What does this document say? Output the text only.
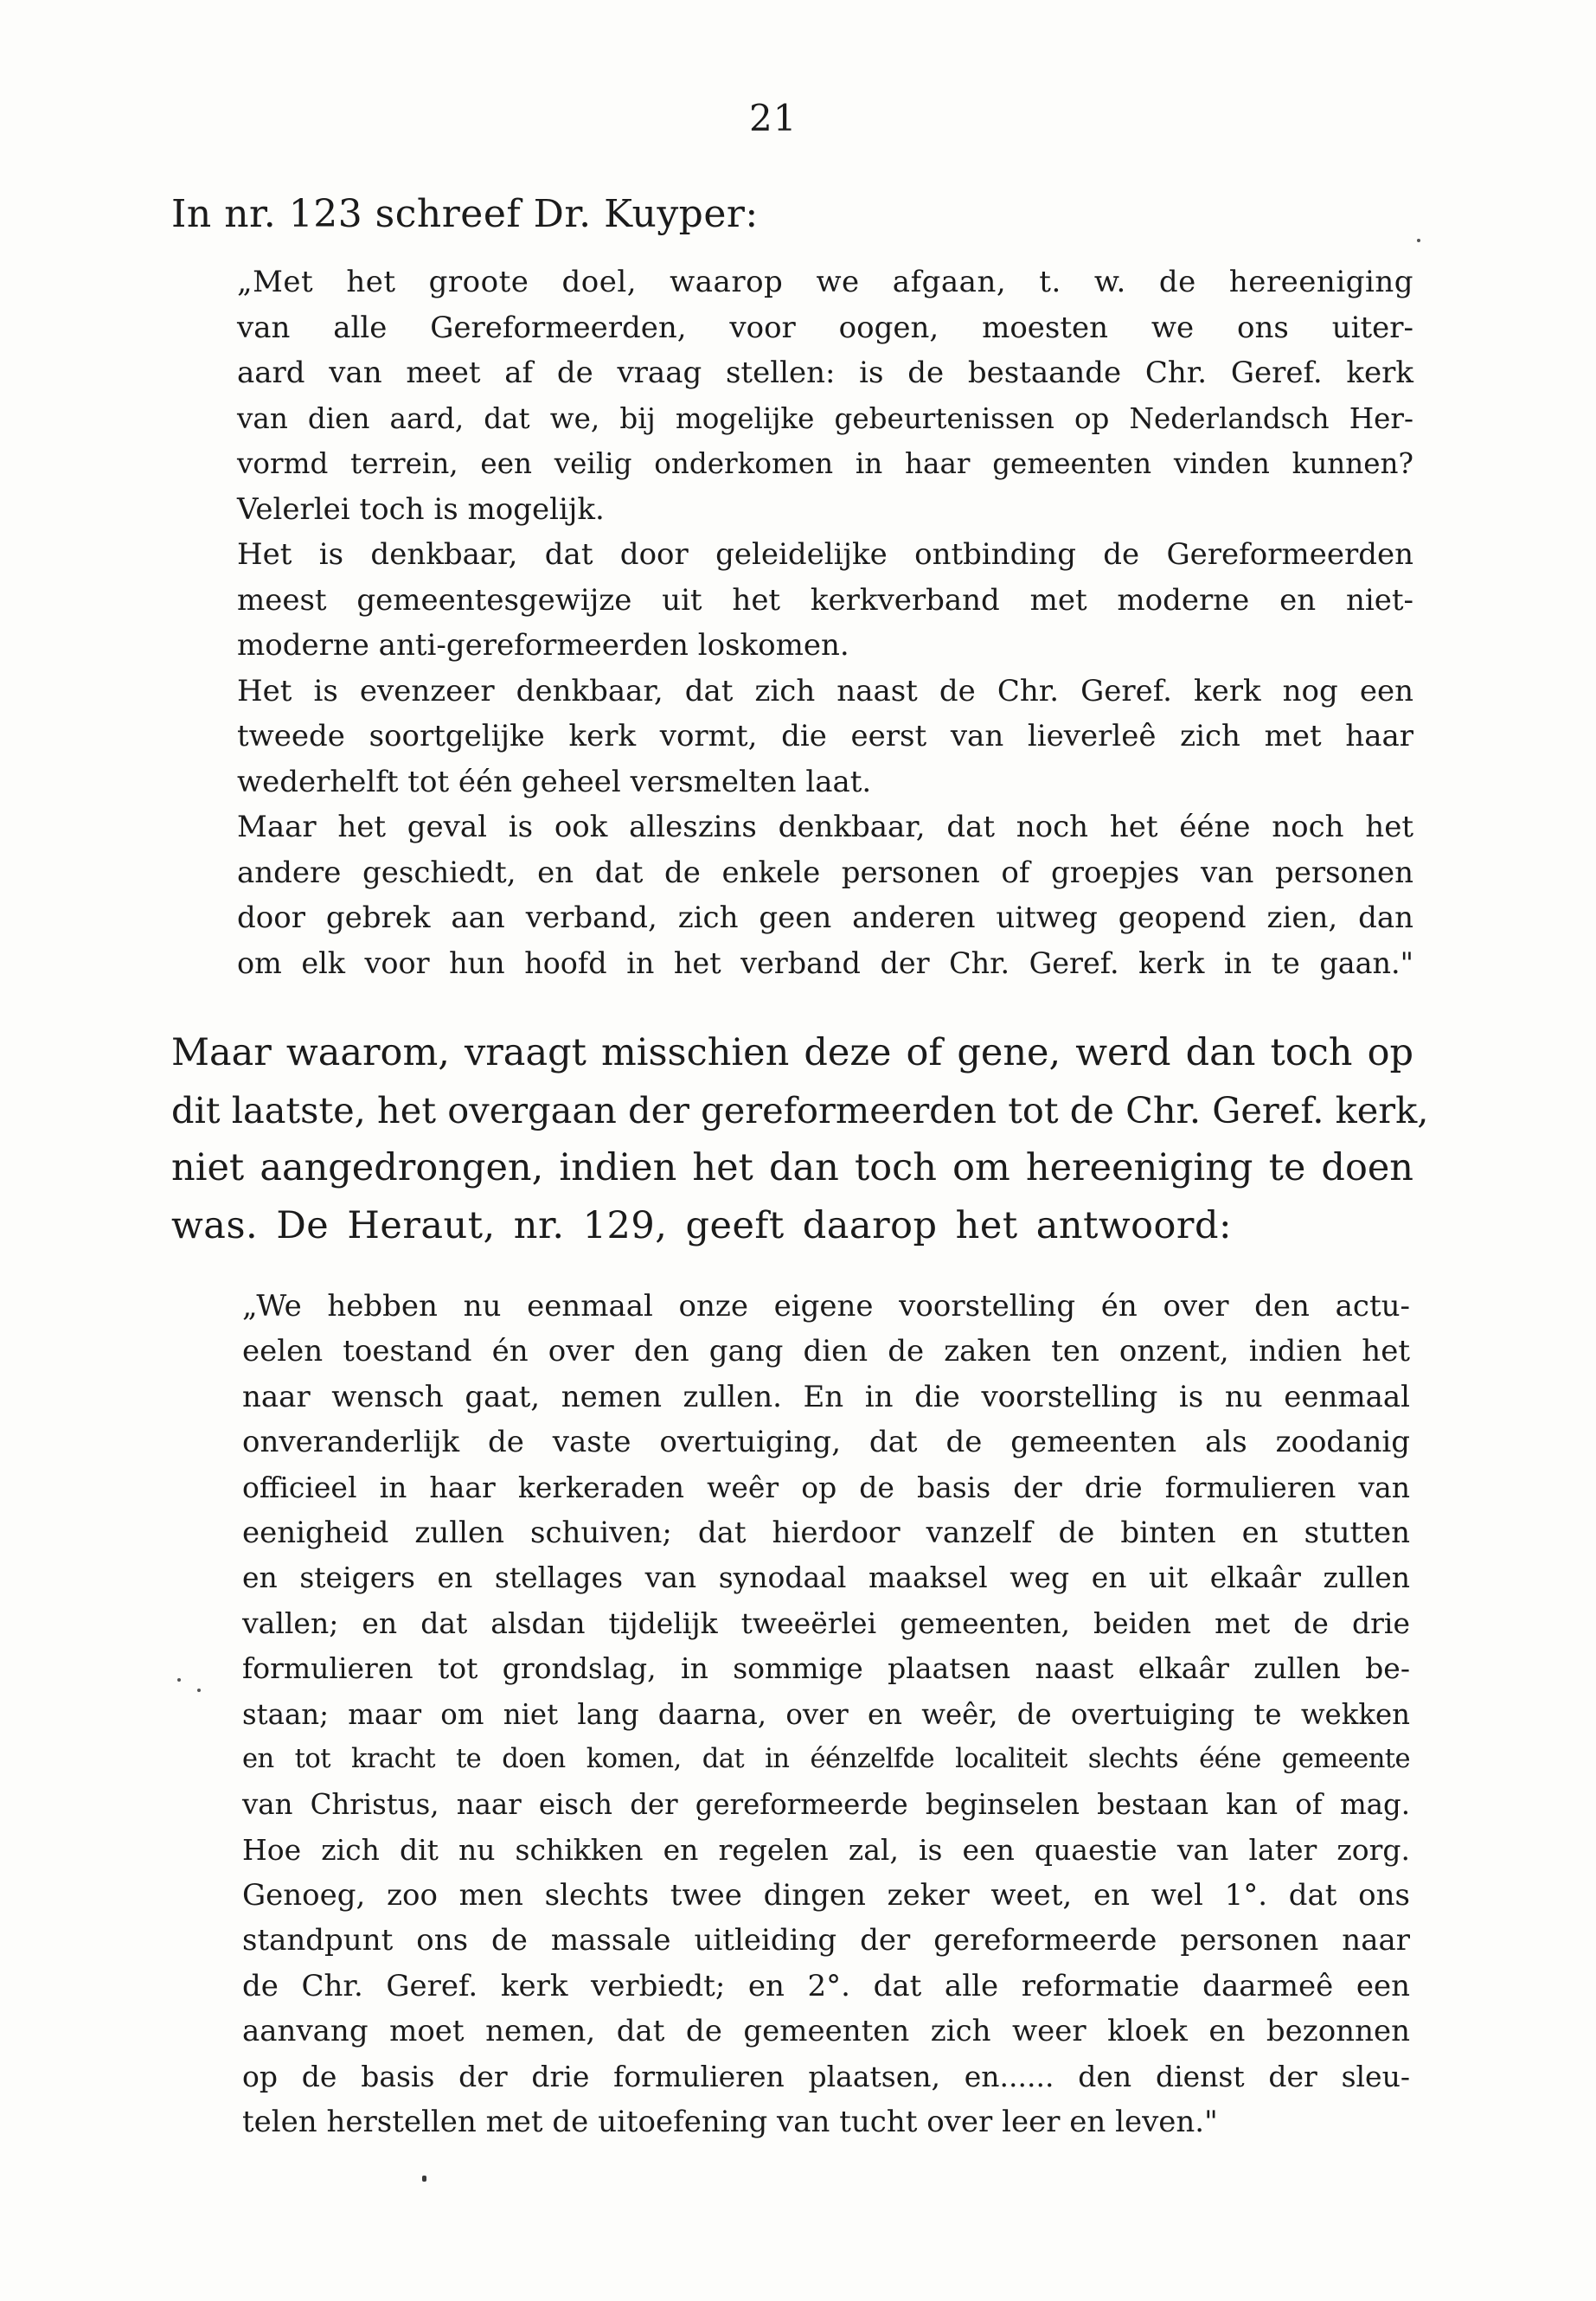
21
In nr. 123 schreef Dr. Kuyper:
„Met het groote doel, waarop we afgaan, t. w. de hereeniging
van alle Gereformeerden, voor oogen, moesten we ons uiter-
aard van meet af de vraag stellen: is de bestaande Chr. Geref. kerk
van dien aard, dat we, bij mogelijke gebeurtenissen op Nederlandsch Her-
vormd terrein, een veilig onderkomen in haar gemeenten vinden kunnen?
Velerlei toch is mogelijk.
Het is denkbaar, dat door geleidelijke ontbinding de Gereformeerden
meest gemeentesgewijze uit het kerkverband met moderne en niet-
moderne anti-gereformeerden loskomen.
Het is evenzeer denkbaar, dat zich naast de Chr. Geref. kerk nog een
tweede soortgelijke kerk vormt, die eerst van lieverleê zich met haar
wederhelft tot één geheel versmelten laat.
Maar het geval is ook alleszins denkbaar, dat noch het ééne noch het
andere geschiedt, en dat de enkele personen of groepjes van personen
door gebrek aan verband, zich geen anderen uitweg geopend zien, dan
om elk voor hun hoofd in het verband der Chr. Geref. kerk in te gaan."
Maar waarom, vraagt misschien deze of gene, werd dan toch op
dit laatste, het overgaan der gereformeerden tot de Chr. Geref. kerk,
niet aangedrongen, indien het dan toch om hereeniging te doen
was. De Heraut, nr. 129, geeft daarop het antwoord:
„We hebben nu eenmaal onze eigene voorstelling én over den actu-
eelen toestand én over den gang dien de zaken ten onzent, indien het
naar wensch gaat, nemen zullen. En in die voorstelling is nu eenmaal
onveranderlijk de vaste overtuiging, dat de gemeenten als zoodanig
officieel in haar kerkeraden weêr op de basis der drie formulieren van
eenigheid zullen schuiven; dat hierdoor vanzelf de binten en stutten
en steigers en stellages van synodaal maaksel weg en uit elkaâr zullen
vallen; en dat alsdan tijdelijk tweeërlei gemeenten, beiden met de drie
formulieren tot grondslag, in sommige plaatsen naast elkaâr zullen be-
staan; maar om niet lang daarna, over en weêr, de overtuiging te wekken
en tot kracht te doen komen, dat in éénzelfde localiteit slechts ééne gemeente
van Christus, naar eisch der gereformeerde beginselen bestaan kan of mag.
Hoe zich dit nu schikken en regelen zal, is een quaestie van later zorg.
Genoeg, zoo men slechts twee dingen zeker weet, en wel 1°. dat ons
standpunt ons de massale uitleiding der gereformeerde personen naar
de Chr. Geref. kerk verbiedt; en 2°. dat alle reformatie daarmeê een
aanvang moet nemen, dat de gemeenten zich weer kloek en bezonnen
op de basis der drie formulieren plaatsen, en...... den dienst der sleu-
telen herstellen met de uitoefening van tucht over leer en leven."
